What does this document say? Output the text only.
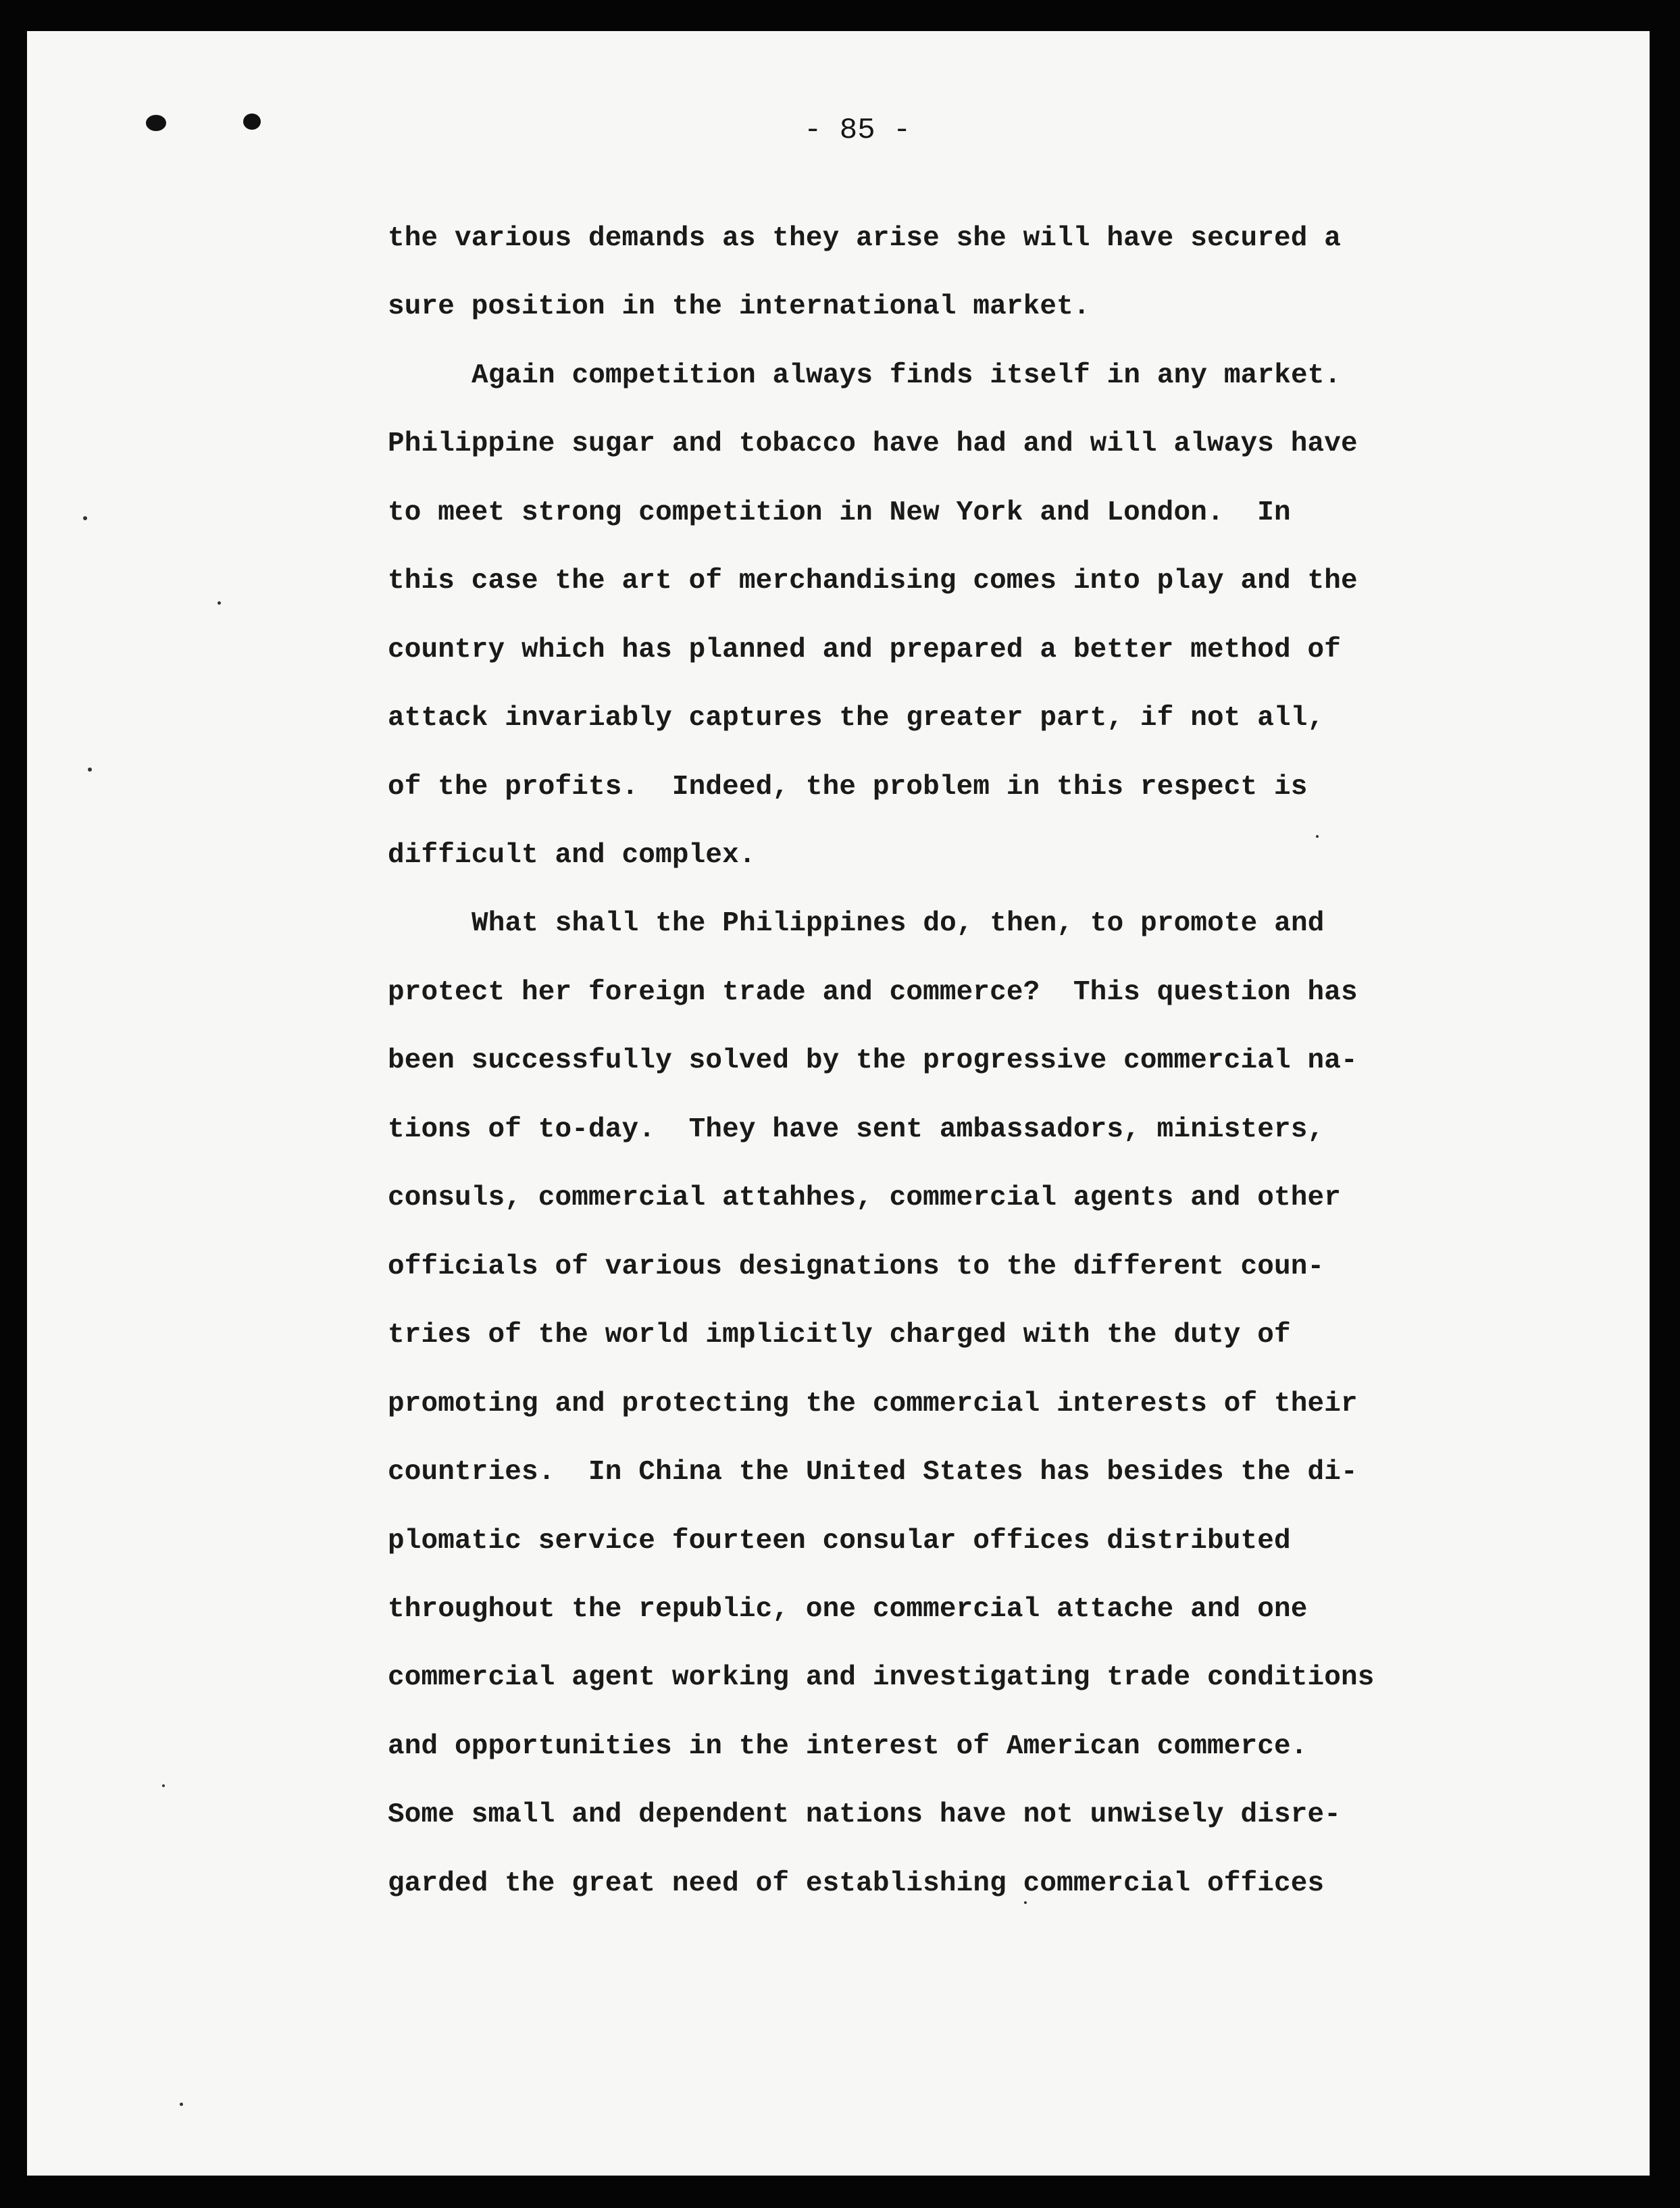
- 85 -
the various demands as they arise she will have secured a
sure position in the international market.
Again competition always finds itself in any market.
Philippine sugar and tobacco have had and will always have
to meet strong competition in New York and London.  In
this case the art of merchandising comes into play and the
country which has planned and prepared a better method of
attack invariably captures the greater part, if not all,
of the profits.  Indeed, the problem in this respect is
difficult and complex.
What shall the Philippines do, then, to promote and
protect her foreign trade and commerce?  This question has
been successfully solved by the progressive commercial na-
tions of to-day.  They have sent ambassadors, ministers,
consuls, commercial attahhes, commercial agents and other
officials of various designations to the different coun-
tries of the world implicitly charged with the duty of
promoting and protecting the commercial interests of their
countries.  In China the United States has besides the di-
plomatic service fourteen consular offices distributed
throughout the republic, one commercial attache and one
commercial agent working and investigating trade conditions
and opportunities in the interest of American commerce.
Some small and dependent nations have not unwisely disre-
garded the great need of establishing commercial offices
